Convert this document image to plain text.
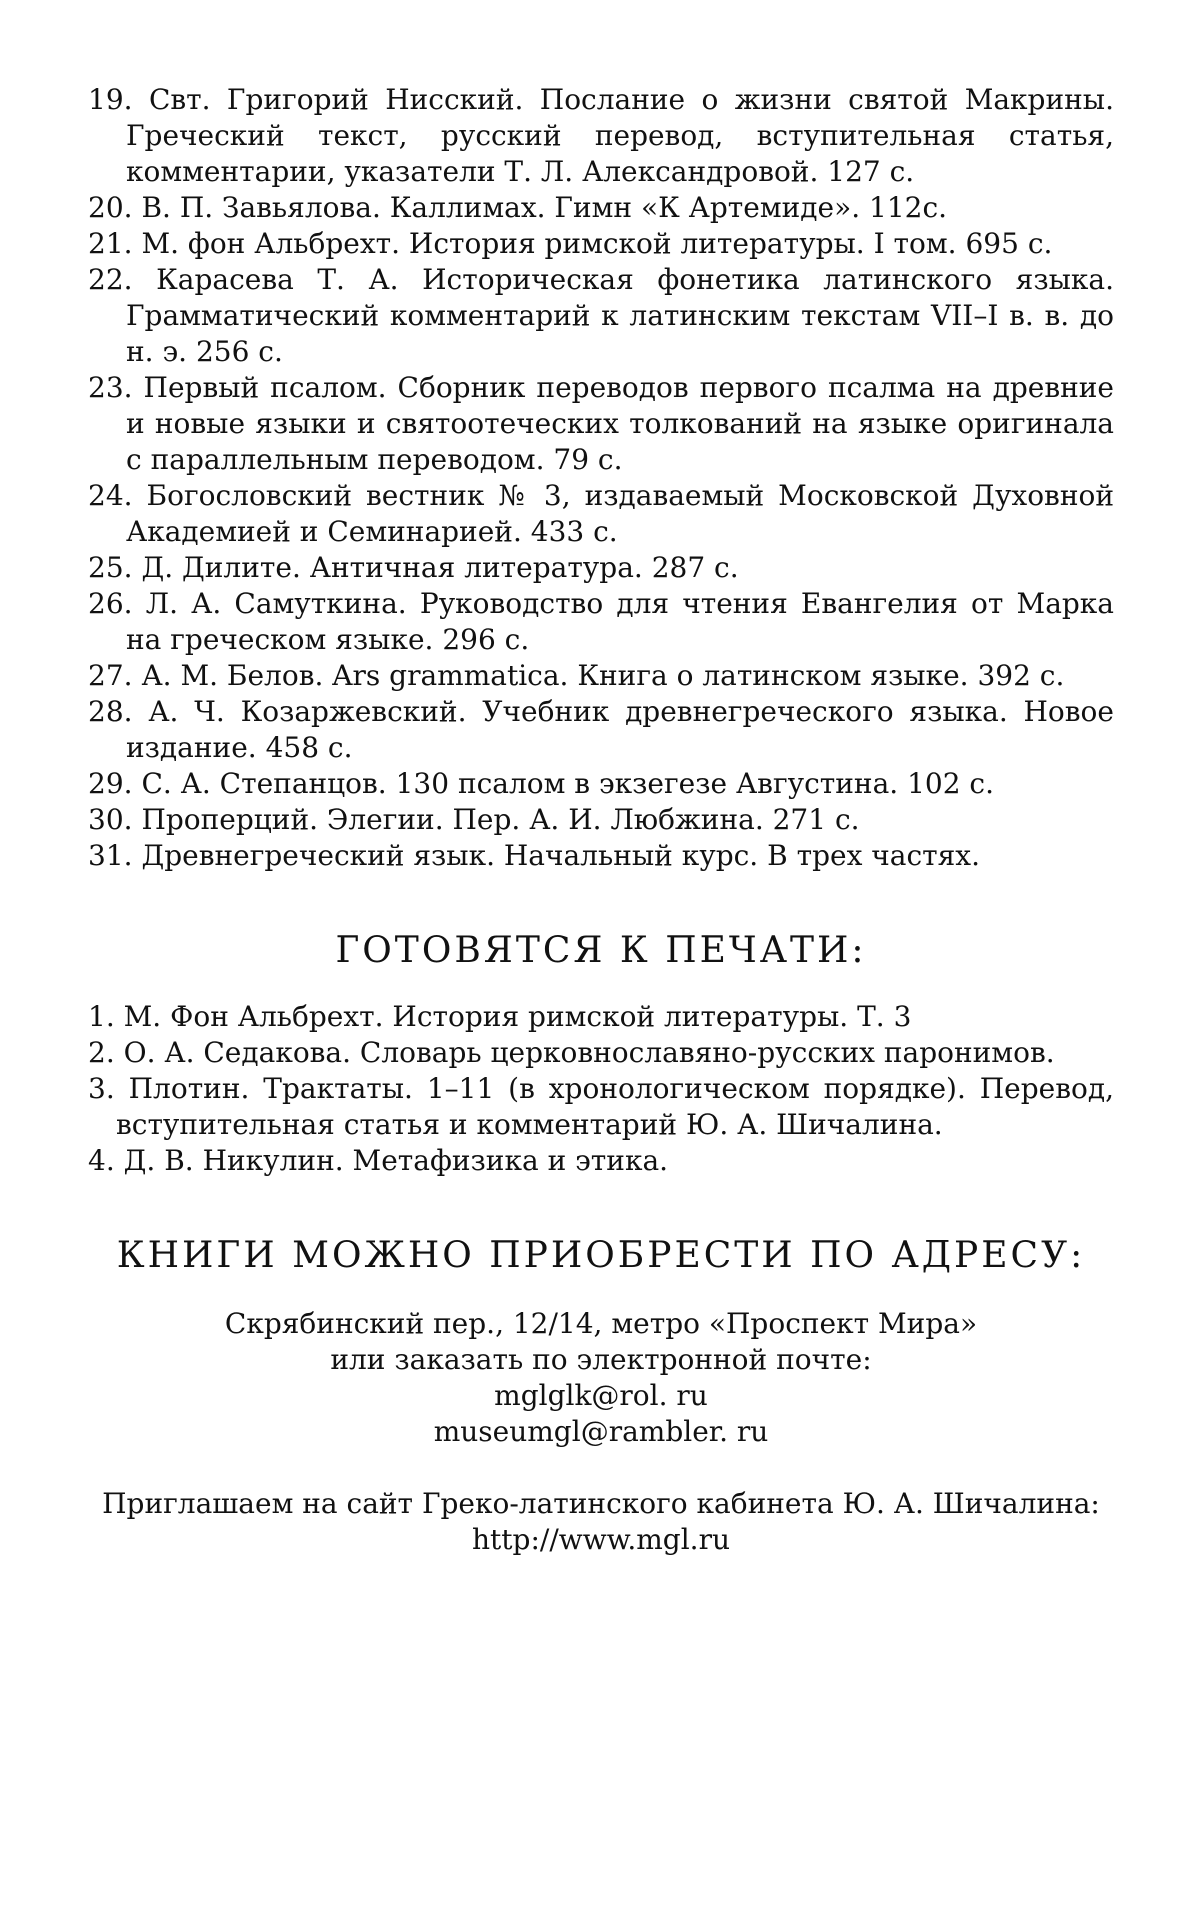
19. Свт. Григорий Нисский. Послание о жизни святой Макрины. Греческий текст, русский перевод, вступительная статья, комментарии, указатели Т. Л. Александровой. 127 с.
20. В. П. Завьялова. Каллимах. Гимн «К Артемиде». 112с.
21. М. фон Альбрехт. История римской литературы. I том. 695 с.
22. Карасева Т. А. Историческая фонетика латинского языка. Грамматический комментарий к латинским текстам VII–I в. в. до н. э. 256 с.
23. Первый псалом. Сборник переводов первого псалма на древние и новые языки и святоотеческих толкований на языке оригинала с параллельным переводом. 79 с.
24. Богословский вестник № 3, издаваемый Московской Духовной Академией и Семинарией. 433 с.
25. Д. Дилите. Античная литература. 287 с.
26. Л. А. Самуткина. Руководство для чтения Евангелия от Марка на греческом языке. 296 с.
27. А. М. Белов. Ars grammatica. Книга о латинском языке. 392 с.
28. А. Ч. Козаржевский. Учебник древнегреческого языка. Новое издание. 458 с.
29. С. А. Степанцов. 130 псалом в экзегезе Августина. 102 с.
30. Проперций. Элегии. Пер. А. И. Любжина. 271 с.
31. Древнегреческий язык. Начальный курс. В трех частях.
ГОТОВЯТСЯ К ПЕЧАТИ:
1. М. Фон Альбрехт. История римской литературы. Т. 3
2. О. А. Седакова. Словарь церковнославяно-русских паронимов.
3. Плотин. Трактаты. 1–11 (в хронологическом порядке). Перевод, вступительная статья и комментарий Ю. А. Шичалина.
4. Д. В. Никулин. Метафизика и этика.
КНИГИ МОЖНО ПРИОБРЕСТИ ПО АДРЕСУ:
Скрябинский пер., 12/14, метро «Проспект Мира»
или заказать по электронной почте:
mglglk@rol. ru
museumgl@rambler. ru
Приглашаем на сайт Греко-латинского кабинета Ю. А. Шичалина:
http://www.mgl.ru
